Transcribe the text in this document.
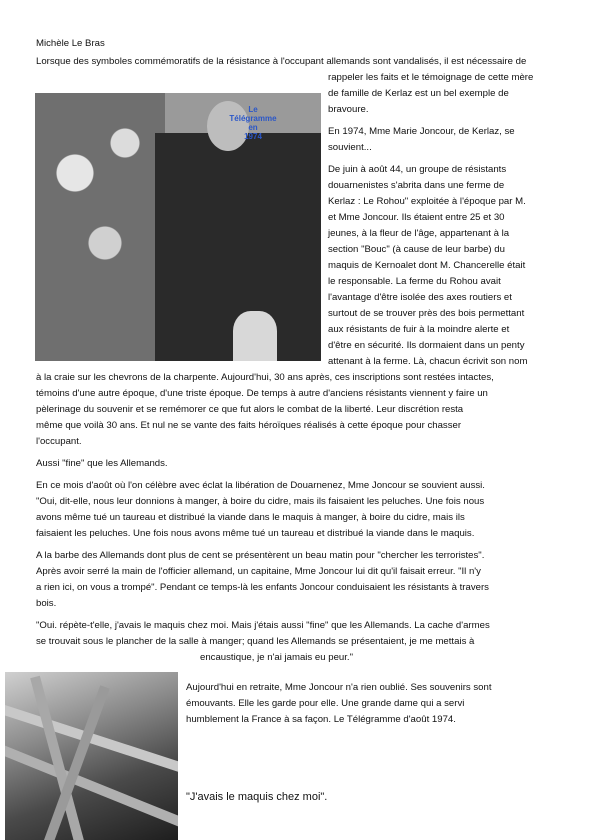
Michèle Le Bras

Le Télégramme
en
1974

Lorsque des symboles commémoratifs de la résistance à l'occupant allemands sont vandalisés, il est nécessaire de

rappeler les faits et le témoignage de cette mère

de famille de Kerlaz est un bel exemple de

bravoure.

En 1974, Mme Marie Joncour, de Kerlaz, se

souvient...

De juin à août 44, un groupe de résistants

douarnenistes s'abrita dans une ferme de

Kerlaz : Le Rohou" exploitée à l'époque par M.

et Mme Joncour. Ils étaient entre 25 et 30

jeunes, à la fleur de l'âge, appartenant à la

section "Bouc" (à cause de leur barbe) du

maquis de Kernoalet dont M. Chancerelle était

le responsable. La ferme du Rohou avait

l'avantage d'être isolée des axes routiers et

surtout de se trouver près des bois permettant

aux résistants de fuir à la moindre alerte et

d'être en sécurité. Ils dormaient dans un penty

attenant à la ferme. Là, chacun écrivit son nom

à la craie sur les chevrons de la charpente. Aujourd'hui, 30 ans après, ces inscriptions sont restées intactes,

témoins d'une autre époque, d'une triste époque. De temps à autre d'anciens résistants viennent y faire un

pèlerinage du souvenir et se remémorer ce que fut alors le combat de la liberté. Leur discrétion resta

même que voilà 30 ans. Et nul ne se vante des faits héroïques réalisés à cette époque pour chasser

l'occupant.

Aussi "fine" que les Allemands.

En ce mois d'août où l'on célèbre avec éclat la libération de Douarnenez, Mme Joncour se souvient aussi.

"Oui, dit-elle, nous leur donnions à manger, à boire du cidre, mais ils faisaient les peluches. Une fois nous

avons même tué un taureau et distribué la viande dans le maquis à manger, à boire du cidre, mais ils

faisaient les peluches. Une fois nous avons même tué un taureau et distribué la viande dans le maquis.

A la barbe des Allemands dont plus de cent se présentèrent un beau matin pour "chercher les terroristes".

Après avoir serré la main de l'officier allemand, un capitaine, Mme Joncour lui dit qu'il faisait erreur. "Il n'y

a rien ici, on vous a trompé". Pendant ce temps-là les enfants Joncour conduisaient les résistants à travers

bois.

"Oui. répète-t'elle, j'avais le maquis chez moi. Mais j'étais aussi "fine" que les Allemands. La cache d'armes

se trouvait sous le plancher de la salle à manger; quand les Allemands se présentaient, je me mettais à

encaustique, je n'ai jamais eu peur."

Aujourd'hui en retraite, Mme Joncour n'a rien oublié. Ses souvenirs sont

émouvants. Elle les garde pour elle. Une grande dame qui a servi

humblement la France à sa façon. Le Télégramme d'août 1974.

"J'avais le maquis chez moi".
